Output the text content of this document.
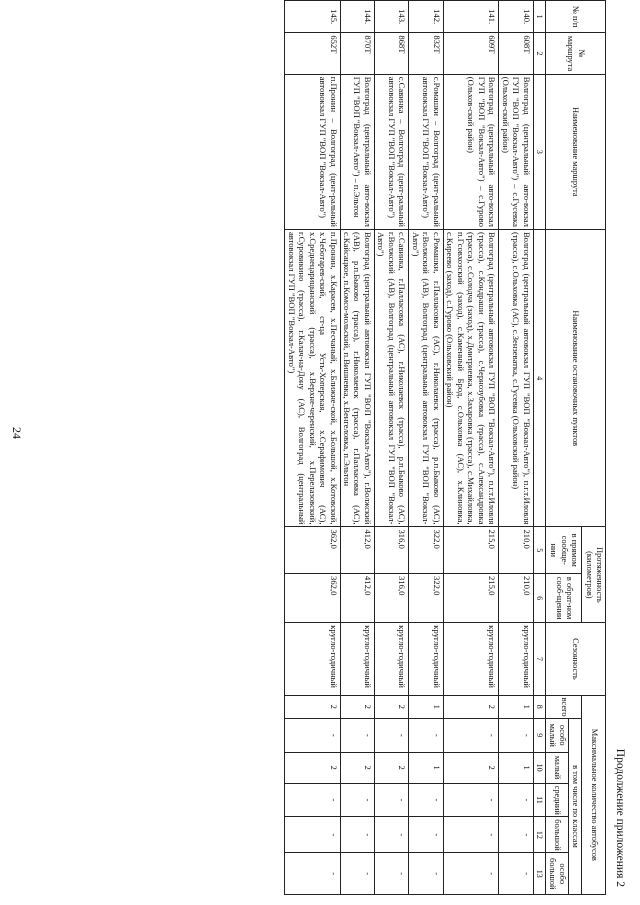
24
Продолжение приложения 2
№ п/п	№ маршрута	Наименование маршрута	Наименование остановочных пунктов	Протяженность (километров)		Сезонность	Максимальное количество автобусов					
				в прямом сообще-нии	в обрат-ном сооб-щении		всего	в том числе по классам				
								особо малый	малый	средний	большой	особо большой
1	2	3	4	5	6	7	8	9	10	11	12	13
140.	608Т	Волгоград (центральный авто-вокзал ГУП "ВОП "Вокзал-Авто") – с.Гусевка (Ольхов-ский район)	Волгоград (центральный автовокзал ГУП "ВОП "Вокзал-Авто"), п.г.т.Иловля (трасса), с.Ольховка (АС), с.Зензеватка, с.Гусевка (Ольховский район)	210,0	210,0	кругло-годичный	1	-	1	-	-	-
141.	609Т	Волгоград (центральный авто-вокзал ГУП "ВОП "Вокзал-Авто") – с.Гурово (Ольхов-ский район)	Волгоград (центральный автовокзал ГУП "ВОП "Вокзал-Авто"), п.г.т.Иловля (трасса), с.Кондраши (трасса), с.Чернозубовка (трасса), с.Александровка (трасса), с.Солодча (заход), х.Дмитриевка, х.Захаровка (трасса), с.Михайловка, п.Гсовхозский (заход), с.Каменный Брод, с.Ольховка (АС), х.Клиновка, с.Киреево (заход), с.Гурово (Ольховский район)	215,0	215,0	кругло-годичный	2	-	2	-	-	-
142.	832Т	с.Ромашки – Волгоград (цент-ральный автовокзал ГУП "ВОП "Вокзал-Авто")	с.Ромашки, г.Палласовка (АС), г.Николаевск (трасса), р.п.Быково (АС), г.Волжский (АВ), Волгоград (центральный автовокзал ГУП "ВОП "Вокзал-Авто")	322,0	322,0	кругло-годичный	1	-	1	-	-	-
143.	868Т	с.Савинка – Волгоград (цент-ральный автовокзал ГУП "ВОП "Вокзал-Авто")	с.Савинка, г.Палласовка (АС), г.Николаевск (трасса), р.п.Быково (АС), г.Волжский (АВ), Волгоград (центральный автовокзал ГУП "ВОП "Вокзал-Авто")	316,0	316,0	кругло-годичный	2	-	2	-	-	-
144.	870Т	Волгоград (центральный авто-вокзал ГУП "ВОП "Вокзал-Авто") – п.Эльтон	Волгоград (центральный автовокзал ГУП "ВОП "Вокзал-Авто"), г.Волжский (АВ), р.п.Быково (трасса), г.Николаевск (трасса), г.Палласовка (АС), с.Кайсацкое, п.Комсо-мольский, п.Вишневка, х.Венгеловка, п.Эльтон	412,0	412,0	кругло-годичный	2	-	2	-	-	-
145.	652Т	п.Пронин – Волгоград (цент-ральный автовокзал ГУП "ВОП "Вокзал-Авто")	п.Пронин, х.Карасев, х.Песчаный, х.Ближне-ской, х.Большой, х.Котовский, х.Чеботарев-ский, ст-ца Усть-Хоперская, х.Серафимович (АС), х.Среднецарицынский (трасса), х.Верхне-черенский, х.Перелазовский, г.Суровикино (трасса), г.Калач-на-Дону (АС), Волгоград (центральный автовокзал ГУП "ВОП "Вокзал-Авто")	362,0	362,0	кругло-годичный	2	-	2	-	-	-
